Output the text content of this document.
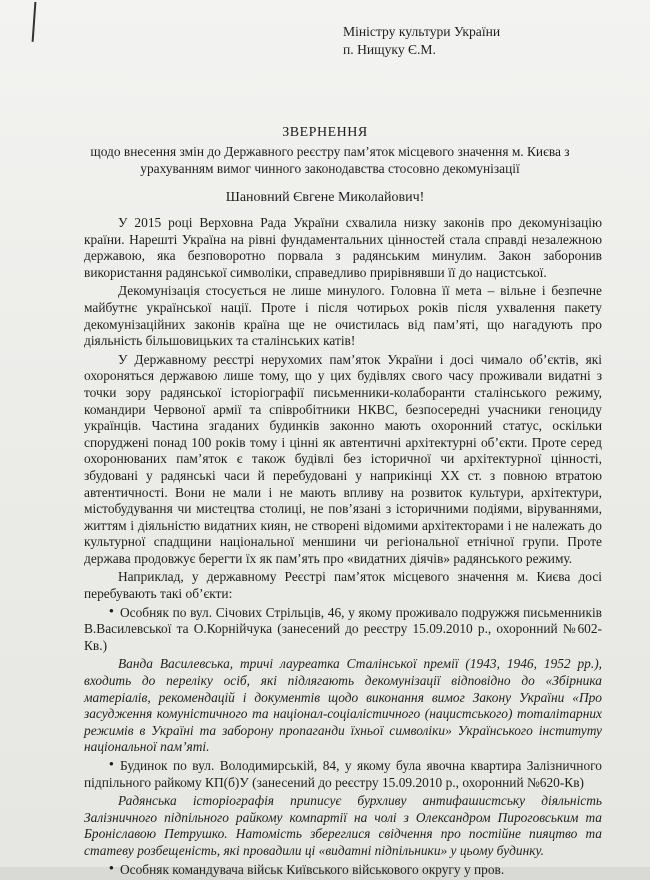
Міністру культури України
п. Нищуку Є.М.
ЗВЕРНЕННЯ
щодо внесення змін до Державного реєстру пам’яток місцевого значення м. Києва з урахуванням вимог чинного законодавства стосовно декомунізації
Шановний Євгене Миколайович!

У 2015 році Верховна Рада України схвалила низку законів про декомунізацію країни. Нарешті Україна на рівні фундаментальних цінностей стала справді незалежною державою, яка безповоротно порвала з радянським минулим. Закон заборонив використання радянської символіки, справедливо прирівнявши її до нацистської.

Декомунізація стосується не лише минулого. Головна її мета – вільне і безпечне майбутнє української нації. Проте і після чотирьох років після ухвалення пакету декомунізаційних законів країна ще не очистилась від пам’яті, що нагадують про діяльність більшовицьких та сталінських катів!

У Державному реєстрі нерухомих пам’яток України і досі чимало об’єктів, які охороняться державою лише тому, що у цих будівлях свого часу проживали видатні з точки зору радянської історіографії письменники-колаборанти сталінського режиму, командири Червоної армії та співробітники НКВС, безпосередні учасники геноциду українців. Частина згаданих будинків законно мають охоронний статус, оскільки споруджені понад 100 років тому і цінні як автентичні архітектурні об’єкти. Проте серед охоронюваних пам’яток є також будівлі без історичної чи архітектурної цінності, збудовані у радянські часи й перебудовані у наприкінці XX ст. з повною втратою автентичності. Вони не мали і не мають впливу на розвиток культури, архітектури, містобудування чи мистецтва столиці, не пов’язані з історичними подіями, віруваннями, життям і діяльністю видатних киян, не створені відомими архітекторами і не належать до культурної спадщини національної меншини чи регіональної етнічної групи. Проте держава продовжує берегти їх як пам’ять про «видатних діячів» радянського режиму.

Наприклад, у державному Реєстрі пам’яток місцевого значення м. Києва досі перебувають такі об’єкти:

• Особняк по вул. Січових Стрільців, 46, у якому проживало подружжя письменників В.Василевської та О.Корнійчука (занесений до реєстру 15.09.2010 р., охоронний №602-Кв.)

Ванда Василевська, тричі лауреатка Сталінської премії (1943, 1946, 1952 рр.), входить до переліку осіб, які підлягають декомунізації відповідно до «Збірника матеріалів, рекомендацій і документів щодо виконання вимог Закону України «Про засудження комуністичного та націонал-соціалістичного (нацистського) тоталітарних режимів в Україні та заборону пропаганди їхньої символіки» Українського інституту національної пам’яті.

• Будинок по вул. Володимирській, 84, у якому була явочна квартира Залізничного підпільного райкому КП(б)У (занесений до реєстру 15.09.2010 р., охоронний №620-Кв)

Радянська історіографія приписує бурхливу антифашистську діяльність Залізничного підпільного райкому компартії на чолі з Олександром Пироговським та Броніславою Петрушко. Натомість збереглися свідчення про постійне пияцтво та статеву розбещеність, які провадили ці «видатні підпільники» у цьому будинку.

• Особняк командувача військ Київського військового округу у пров.
